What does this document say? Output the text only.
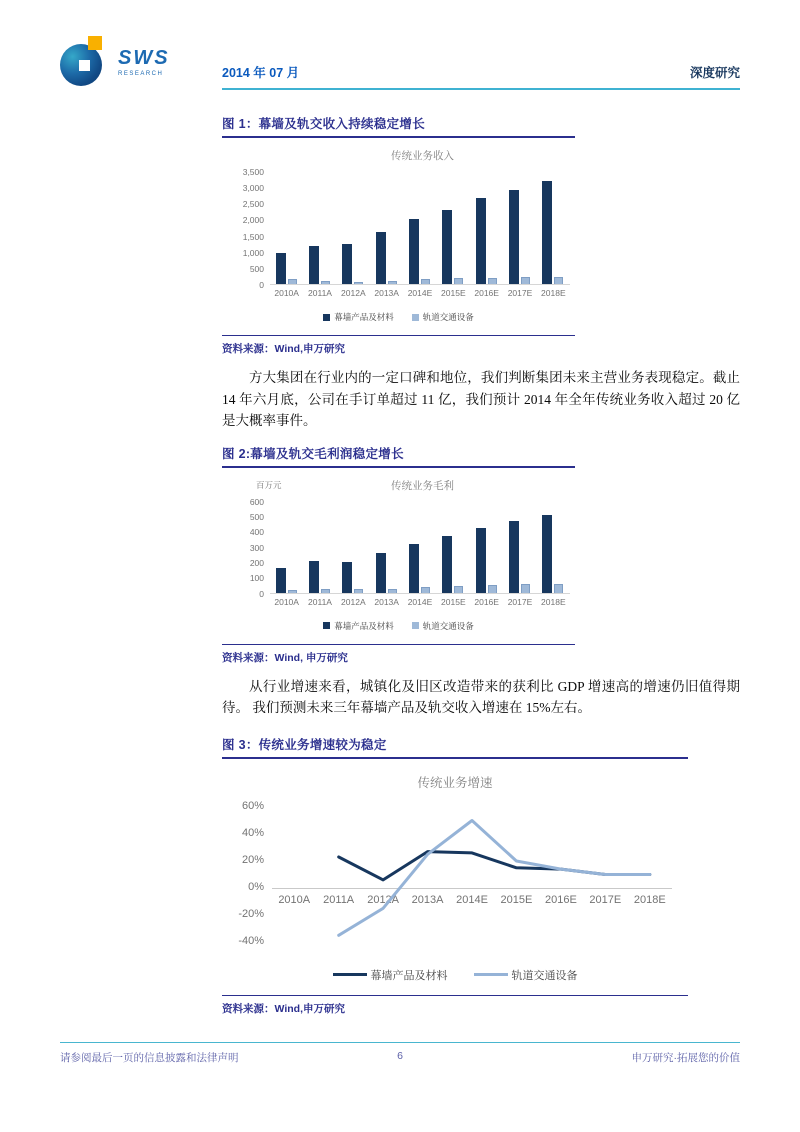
SWS
RESEARCH	2014 年 07 月	深度研究
图 1：幕墙及轨交收入持续稳定增长
传统业务收入
0
500
1,000
1,500
2,000
2,500
3,000
3,500
2010A	2011A	2012A	2013A	2014E	2015E	2016E	2017E	2018E
幕墙产品及材料	轨道交通设备
资料来源：Wind,申万研究

方大集团在行业内的一定口碑和地位，我们判断集团未来主营业务表现稳定。截止 14 年六月底，公司在手订单超过 11 亿，我们预计 2014 年全年传统业务收入超过 20 亿是大概率事件。

图 2:幕墙及轨交毛利润稳定增长
百万元	传统业务毛利
0
100
200
300
400
500
600
2010A	2011A	2012A	2013A	2014E	2015E	2016E	2017E	2018E
幕墙产品及材料	轨道交通设备
资料来源：Wind, 申万研究

从行业增速来看，城镇化及旧区改造带来的获利比 GDP 增速高的增速仍旧值得期待。 我们预测未来三年幕墙产品及轨交收入增速在 15%左右。

图 3：传统业务增速较为稳定
传统业务增速
60%
40%
20%
0%
-20%
-40%
2010A	2011A	2012A	2013A	2014E	2015E	2016E	2017E	2018E
幕墙产品及材料	轨道交通设备
资料来源：Wind,申万研究
请参阅最后一页的信息披露和法律声明	6	申万研究·拓展您的价值
